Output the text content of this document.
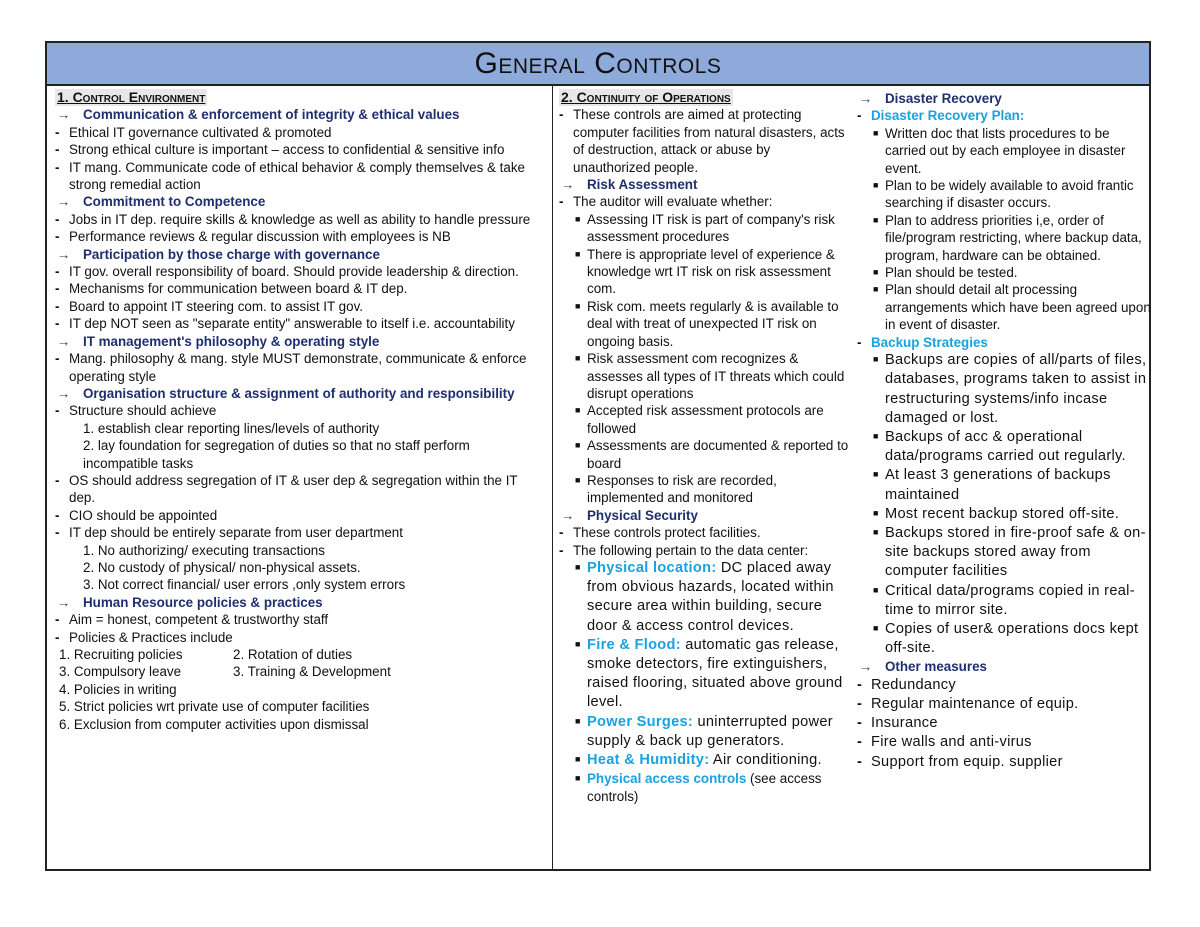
General Controls
1. Control Environment
→ Communication & enforcement of integrity & ethical values
- Ethical IT governance cultivated & promoted
- Strong ethical culture is important – access to confidential & sensitive info
- IT mang. Communicate code of ethical behavior & comply themselves & take strong remedial action
→ Commitment to Competence
- Jobs in IT dep. require skills & knowledge as well as ability to handle pressure
- Performance reviews & regular discussion with employees is NB
→ Participation by those charge with governance
- IT gov. overall responsibility of board. Should provide leadership & direction.
- Mechanisms for communication between board & IT dep.
- Board to appoint IT steering com. to assist IT gov.
- IT dep NOT seen as "separate entity" answerable to itself i.e. accountability
→ IT management's philosophy & operating style
- Mang. philosophy & mang. style MUST demonstrate, communicate & enforce operating style
→ Organisation structure & assignment of authority and responsibility
- Structure should achieve
1. establish clear reporting lines/levels of authority
2. lay foundation for segregation of duties so that no staff perform incompatible tasks
- OS should address segregation of IT & user dep & segregation within the IT dep.
- CIO should be appointed
- IT dep should be entirely separate from user department
1. No authorizing/ executing transactions
2. No custody of physical/ non-physical assets.
3. Not correct financial/ user errors ,only system errors
→ Human Resource policies & practices
- Aim = honest, competent & trustworthy staff
- Policies & Practices include
1. Recruiting policies	2. Rotation of duties
3. Compulsory leave	3. Training & Development
4. Policies in writing
5. Strict policies wrt private use of computer facilities
6. Exclusion from computer activities upon dismissal
2. Continuity of Operations
- These controls are aimed at protecting computer facilities from natural disasters, acts of destruction, attack or abuse by unauthorized people.
→ Risk Assessment
- The auditor will evaluate whether:
■ Assessing IT risk is part of company's risk assessment procedures
■ There is appropriate level of experience & knowledge wrt IT risk on risk assessment com.
■ Risk com. meets regularly & is available to deal with treat of unexpected IT risk on ongoing basis.
■ Risk assessment com recognizes & assesses all types of IT threats which could disrupt operations
■ Accepted risk assessment protocols are followed
■ Assessments are documented & reported to board
■ Responses to risk are recorded, implemented and monitored
→ Physical Security
- These controls protect facilities.
- The following pertain to the data center:
■ Physical location: DC placed away from obvious hazards, located within secure area within building, secure door & access control devices.
■ Fire & Flood: automatic gas release, smoke detectors, fire extinguishers, raised flooring, situated above ground level.
■ Power Surges: uninterrupted power supply & back up generators.
■ Heat & Humidity: Air conditioning.
■ Physical access controls (see access controls)
→ Disaster Recovery
- Disaster Recovery Plan:
■ Written doc that lists procedures to be carried out by each employee in disaster event.
■ Plan to be widely available to avoid frantic searching if disaster occurs.
■ Plan to address priorities i,e, order of file/program restricting, where backup data, program, hardware can be obtained.
■ Plan should be tested.
■ Plan should detail alt processing arrangements which have been agreed upon in event of disaster.
- Backup Strategies
■ Backups are copies of all/parts of files, databases, programs taken to assist in restructuring systems/info incase damaged or lost.
■ Backups of acc & operational data/programs carried out regularly.
■ At least 3 generations of backups maintained
■ Most recent backup stored off-site.
■ Backups stored in fire-proof safe & on-site backups stored away from computer facilities
■ Critical data/programs copied in real-time to mirror site.
■ Copies of user& operations docs kept off-site.
→ Other measures
- Redundancy
- Regular maintenance of equip.
- Insurance
- Fire walls and anti-virus
- Support from equip. supplier
